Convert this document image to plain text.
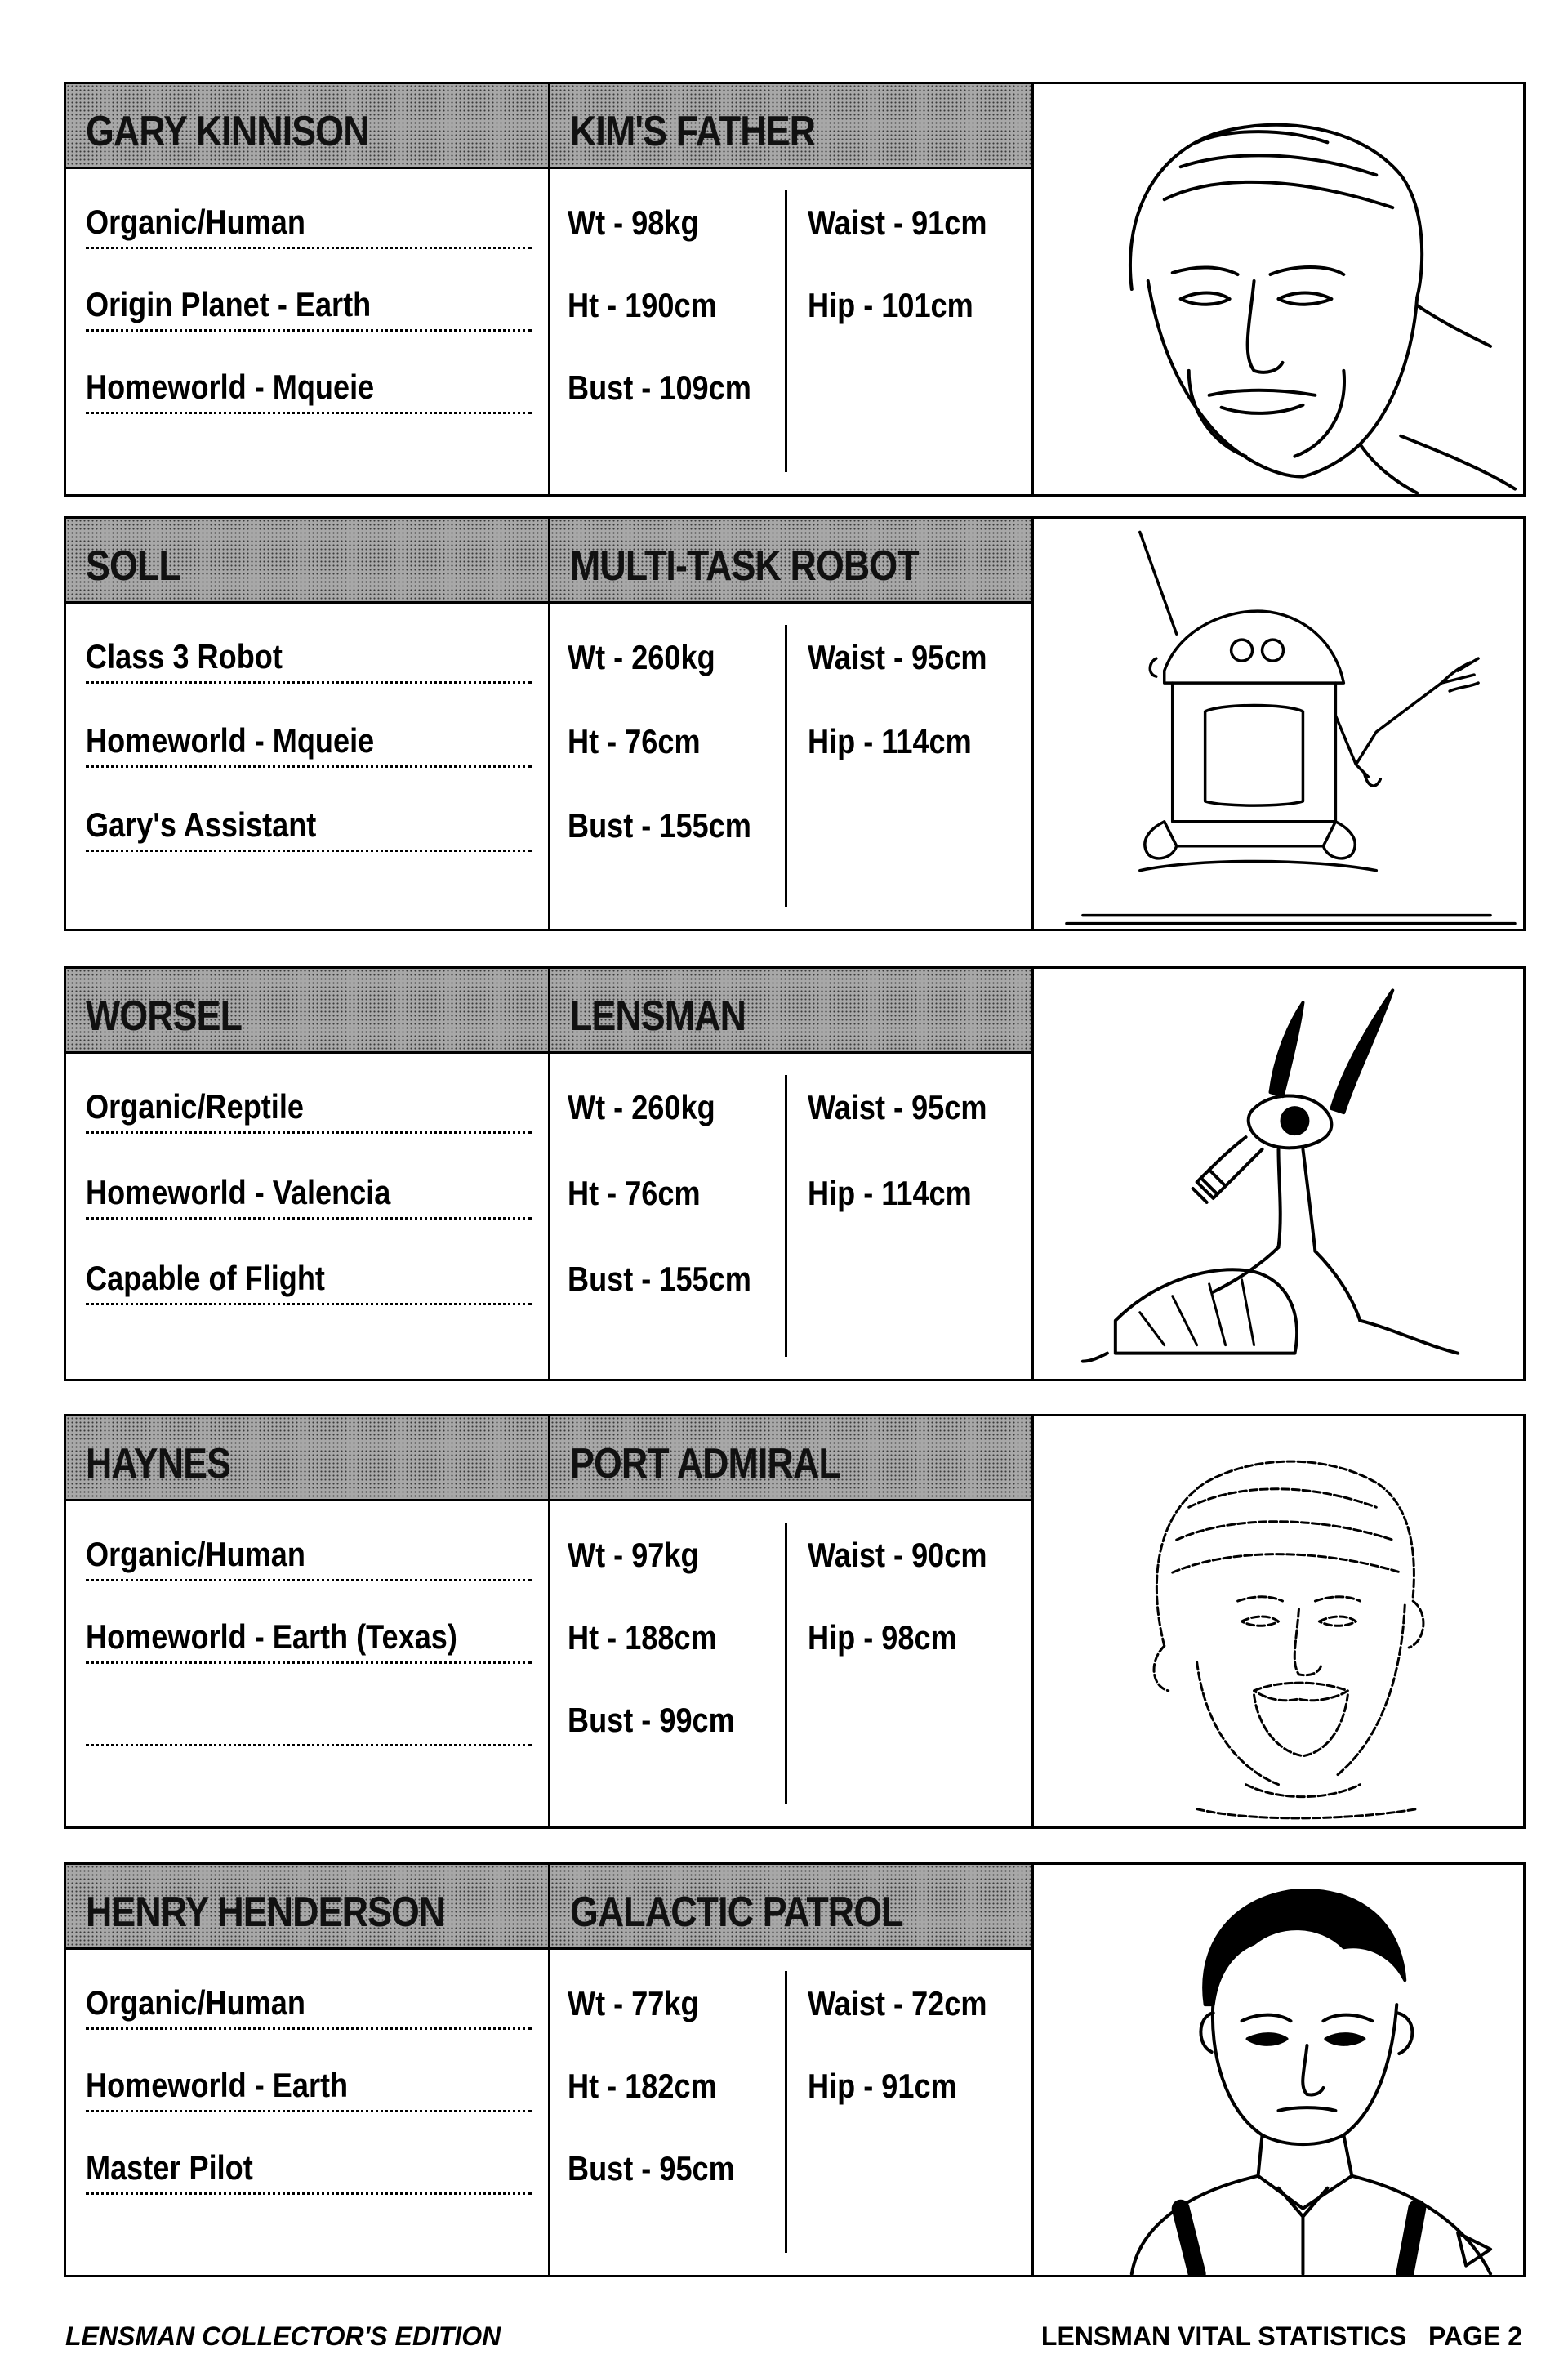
GARY KINNISON	KIM'S FATHER
Organic/Human
Origin Planet - Earth
Homeworld - Mqueie
Wt - 98kg
Ht - 190cm
Bust - 109cm
Waist - 91cm
Hip - 101cm
SOLL	MULTI-TASK ROBOT
Class 3 Robot
Homeworld - Mqueie
Gary's Assistant
Wt - 260kg
Ht - 76cm
Bust - 155cm
Waist - 95cm
Hip - 114cm
WORSEL	LENSMAN
Organic/Reptile
Homeworld - Valencia
Capable of Flight
Wt - 260kg
Ht - 76cm
Bust - 155cm
Waist - 95cm
Hip - 114cm
HAYNES	PORT ADMIRAL
Organic/Human
Homeworld - Earth (Texas)
Wt - 97kg
Ht - 188cm
Bust - 99cm
Waist - 90cm
Hip - 98cm
HENRY HENDERSON	GALACTIC PATROL
Organic/Human
Homeworld - Earth
Master Pilot
Wt - 77kg
Ht - 182cm
Bust - 95cm
Waist - 72cm
Hip - 91cm
LENSMAN COLLECTOR'S EDITION	LENSMAN VITAL STATISTICS   PAGE 2
